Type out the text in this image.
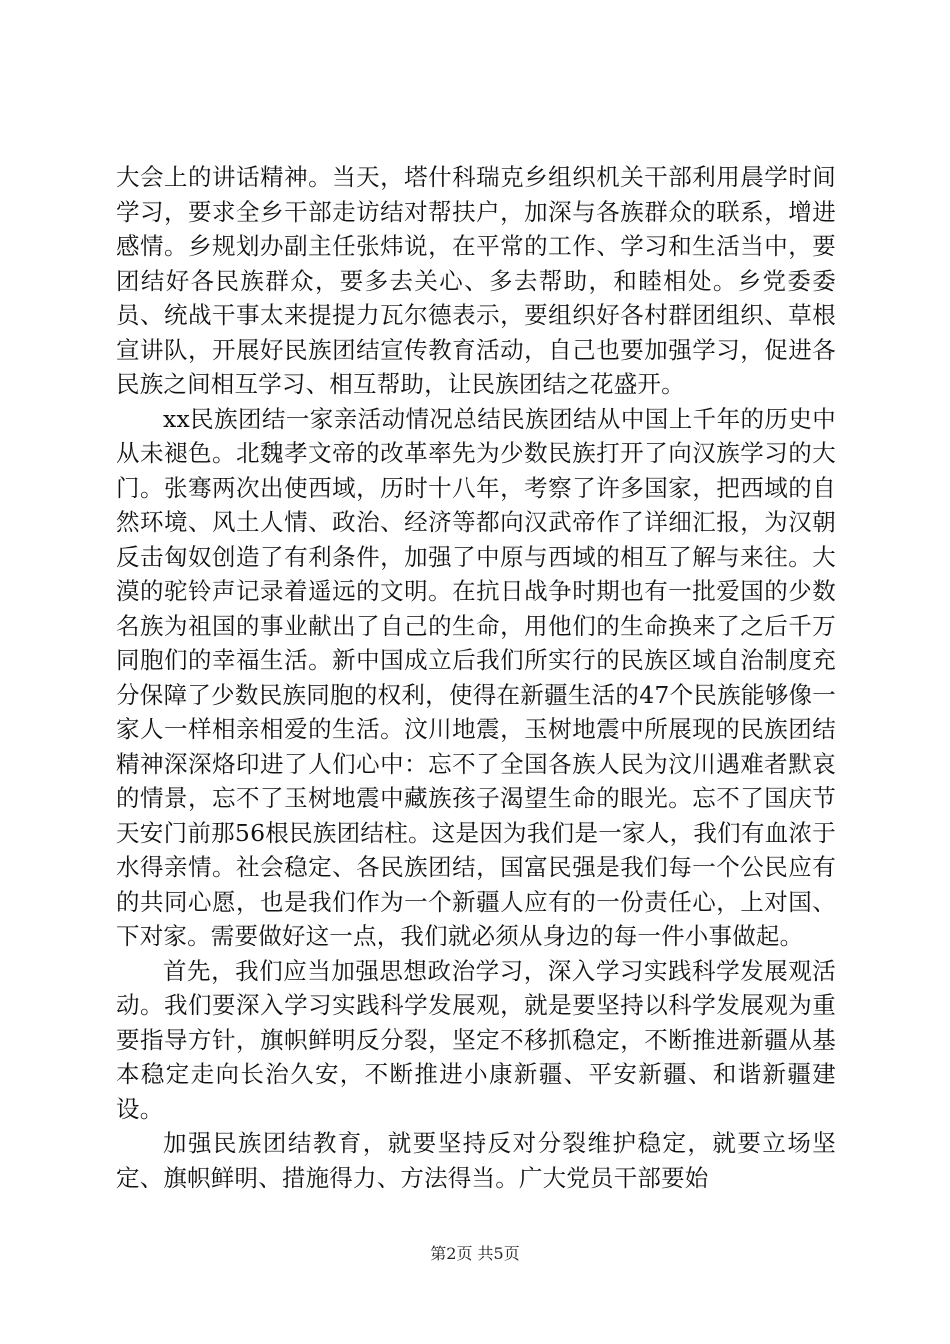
大会上的讲话精神。当天，塔什科瑞克乡组织机关干部利用晨学时间学习，要求全乡干部走访结对帮扶户，加深与各族群众的联系，增进感情。乡规划办副主任张炜说，在平常的工作、学习和生活当中，要团结好各民族群众，要多去关心、多去帮助，和睦相处。乡党委委员、统战干事太来提提力瓦尔德表示，要组织好各村群团组织、草根宣讲队，开展好民族团结宣传教育活动，自己也要加强学习，促进各民族之间相互学习、相互帮助，让民族团结之花盛开。

xx民族团结一家亲活动情况总结民族团结从中国上千年的历史中从未褪色。北魏孝文帝的改革率先为少数民族打开了向汉族学习的大门。张骞两次出使西域，历时十八年，考察了许多国家，把西域的自然环境、风土人情、政治、经济等都向汉武帝作了详细汇报，为汉朝反击匈奴创造了有利条件，加强了中原与西域的相互了解与来往。大漠的驼铃声记录着遥远的文明。在抗日战争时期也有一批爱国的少数名族为祖国的事业献出了自己的生命，用他们的生命换来了之后千万同胞们的幸福生活。新中国成立后我们所实行的民族区域自治制度充分保障了少数民族同胞的权利，使得在新疆生活的47个民族能够像一家人一样相亲相爱的生活。汶川地震，玉树地震中所展现的民族团结精神深深烙印进了人们心中：忘不了全国各族人民为汶川遇难者默哀的情景，忘不了玉树地震中藏族孩子渴望生命的眼光。忘不了国庆节天安门前那56根民族团结柱。这是因为我们是一家人，我们有血浓于水得亲情。社会稳定、各民族团结，国富民强是我们每一个公民应有的共同心愿，也是我们作为一个新疆人应有的一份责任心，上对国、下对家。需要做好这一点，我们就必须从身边的每一件小事做起。

首先，我们应当加强思想政治学习，深入学习实践科学发展观活动。我们要深入学习实践科学发展观，就是要坚持以科学发展观为重要指导方针，旗帜鲜明反分裂，坚定不移抓稳定，不断推进新疆从基本稳定走向长治久安，不断推进小康新疆、平安新疆、和谐新疆建设。

加强民族团结教育，就要坚持反对分裂维护稳定，就要立场坚定、旗帜鲜明、措施得力、方法得当。广大党员干部要始

第2页 共5页
